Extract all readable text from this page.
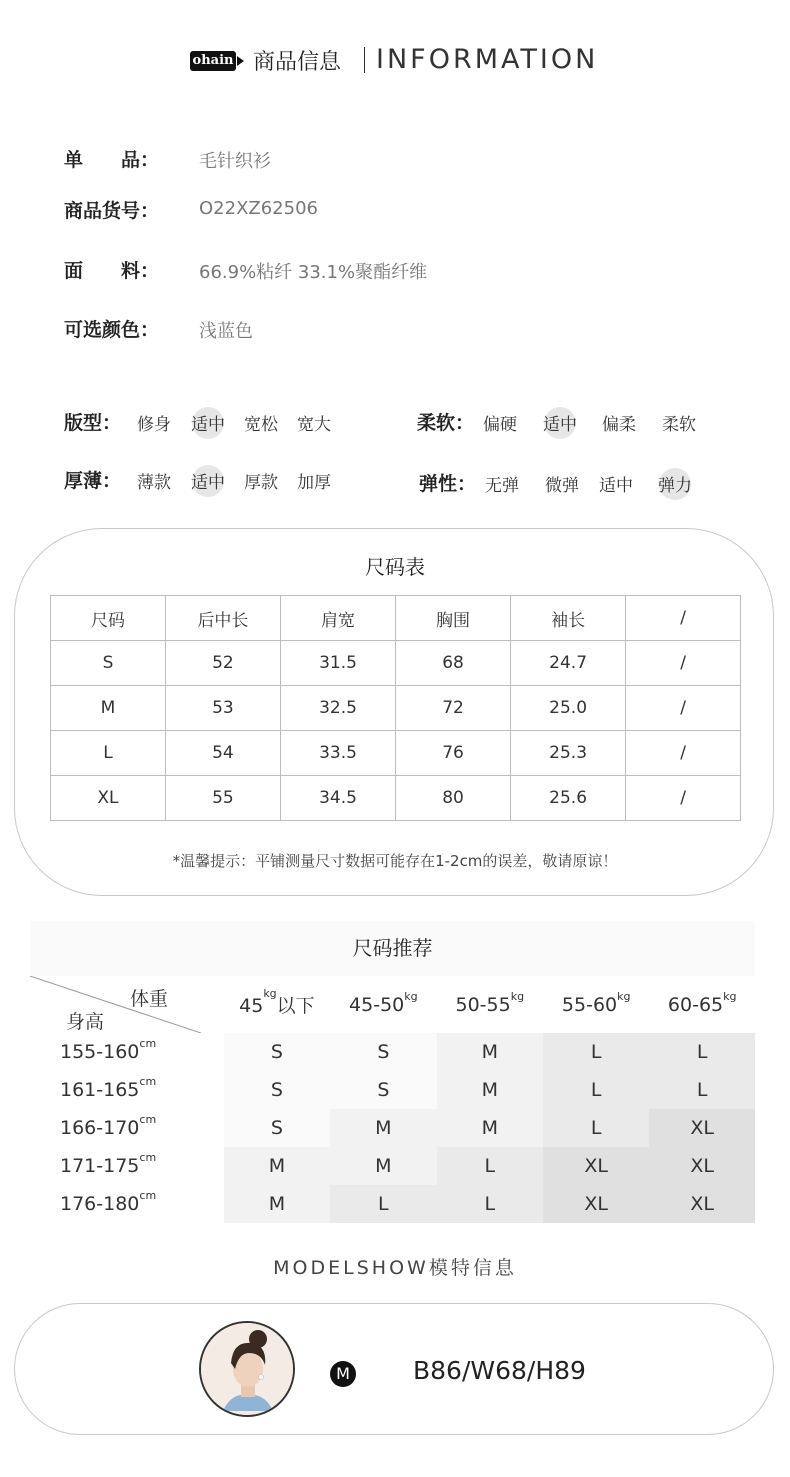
ohain 商品信息 INFORMATION
单　　品： 毛针织衫
商品货号： O22XZ62506
面　　料： 66.9%粘纤 33.1%聚酯纤维
可选颜色： 浅蓝色
版型： 修身 适中 宽松 宽大	柔软： 偏硬 适中 偏柔 柔软
厚薄： 薄款 适中 厚款 加厚	弹性： 无弹 微弹 适中 弹力
尺码表
尺码	后中长	肩宽	胸围	袖长	/
S	52	31.5	68	24.7	/
M	53	32.5	72	25.0	/
L	54	33.5	76	25.3	/
XL	55	34.5	80	25.6	/
*温馨提示：平铺测量尺寸数据可能存在1-2cm的误差，敬请原谅！
尺码推荐
体重
身高	$45^{kg}$以下	$45-50^{kg}$	$50-55^{kg}$	$55-60^{kg}$	$60-65^{kg}$
$155-160^{cm}$	S	S	M	L	L
$161-165^{cm}$	S	S	M	L	L
$166-170^{cm}$	S	M	M	L	XL
$171-175^{cm}$	M	M	L	XL	XL
$176-180^{cm}$	M	L	L	XL	XL
MODELSHOW模特信息
M	B86/W68/H89
